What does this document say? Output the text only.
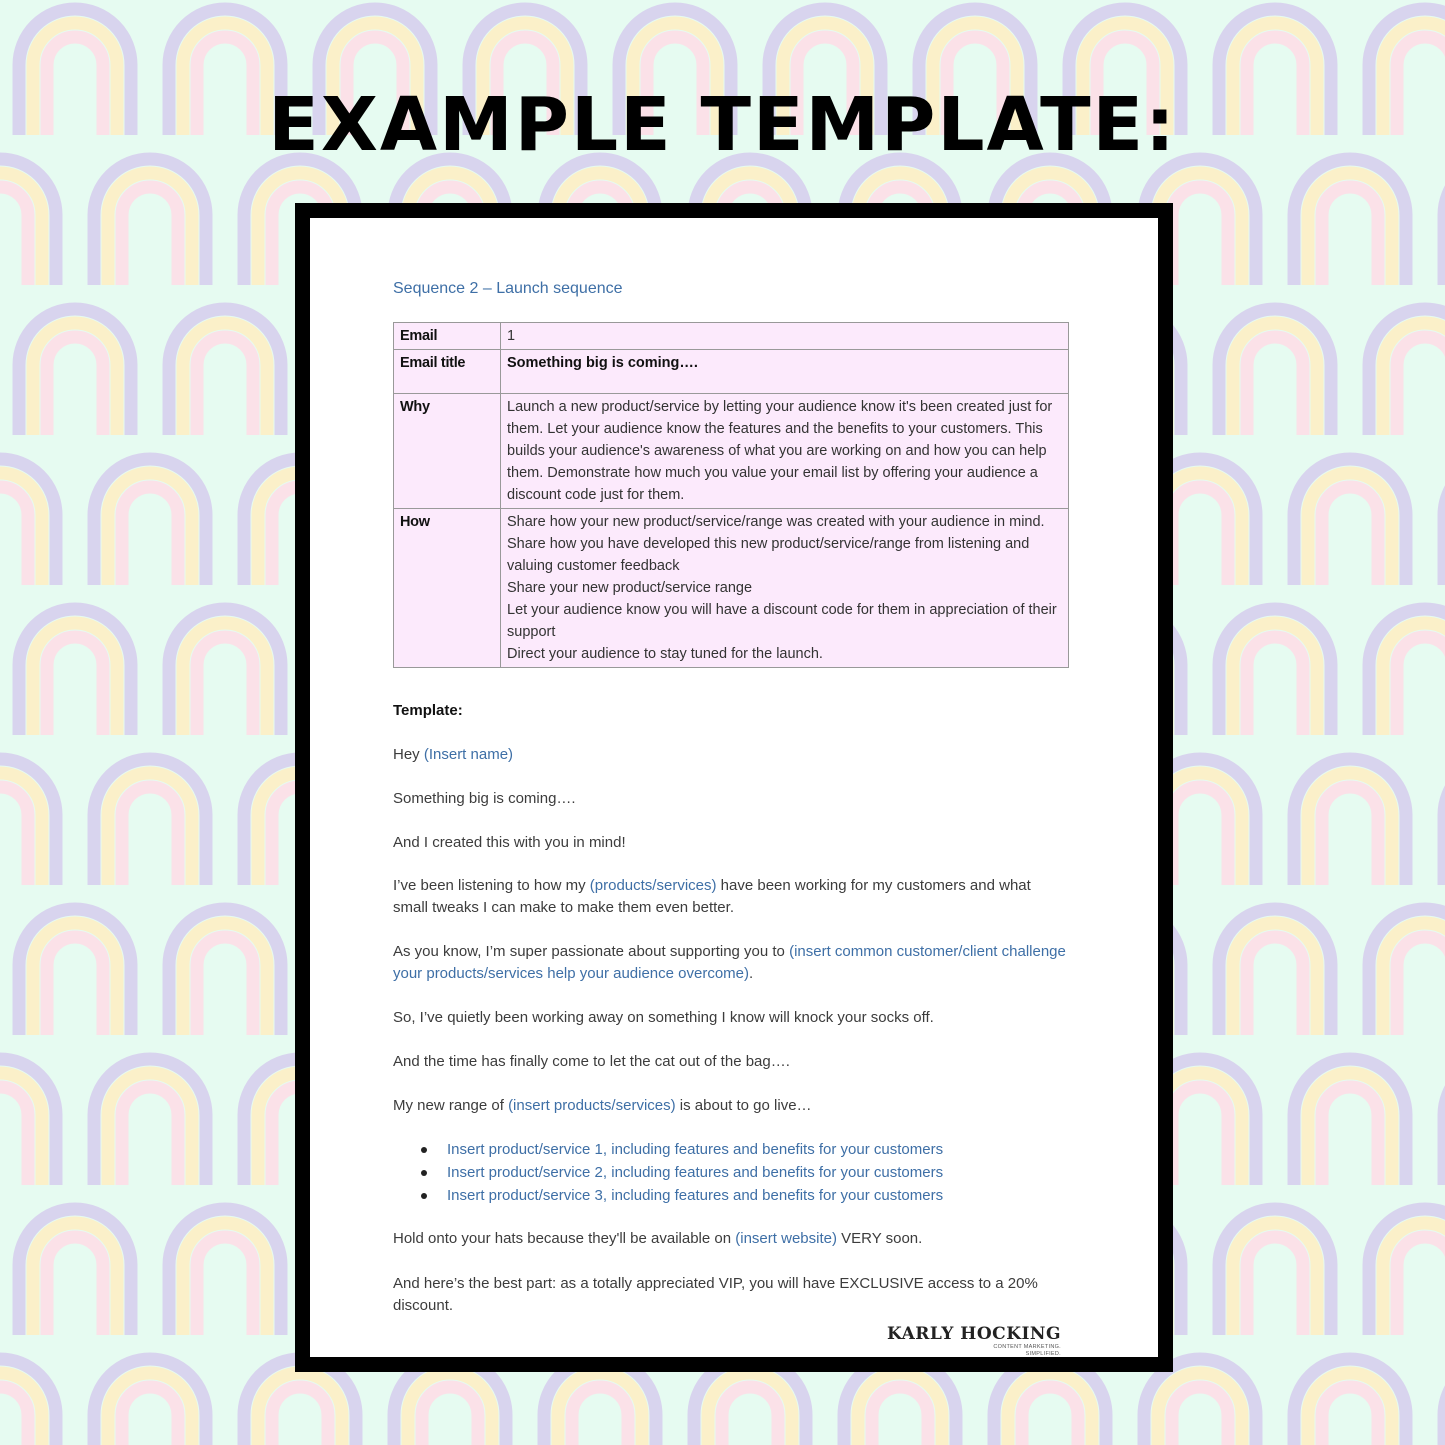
EXAMPLE TEMPLATE:
Sequence 2 – Launch sequence
Email	1
Email title	Something big is coming….
Why	Launch a new product/service by letting your audience know it's been created just for them. Let your audience know the features and the benefits to your customers. This builds your audience's awareness of what you are working on and how you can help them. Demonstrate how much you value your email list by offering your audience a discount code just for them.
How	Share how your new product/service/range was created with your audience in mind.
Share how you have developed this new product/service/range from listening and valuing customer feedback
Share your new product/service range
Let your audience know you will have a discount code for them in appreciation of their support
Direct your audience to stay tuned for the launch.

Template:

Hey (Insert name)

Something big is coming….

And I created this with you in mind!

I’ve been listening to how my (products/services) have been working for my customers and what small tweaks I can make to make them even better.

As you know, I’m super passionate about supporting you to (insert common customer/client challenge your products/services help your audience overcome).

So, I’ve quietly been working away on something I know will knock your socks off.

And the time has finally come to let the cat out of the bag….

My new range of (insert products/services) is about to go live…

Insert product/service 1, including features and benefits for your customers
Insert product/service 2, including features and benefits for your customers
Insert product/service 3, including features and benefits for your customers

Hold onto your hats because they'll be available on (insert website) VERY soon.

And here’s the best part: as a totally appreciated VIP, you will have EXCLUSIVE access to a 20% discount.

KARLY HOCKING
CONTENT MARKETING.
SIMPLIFIED.
